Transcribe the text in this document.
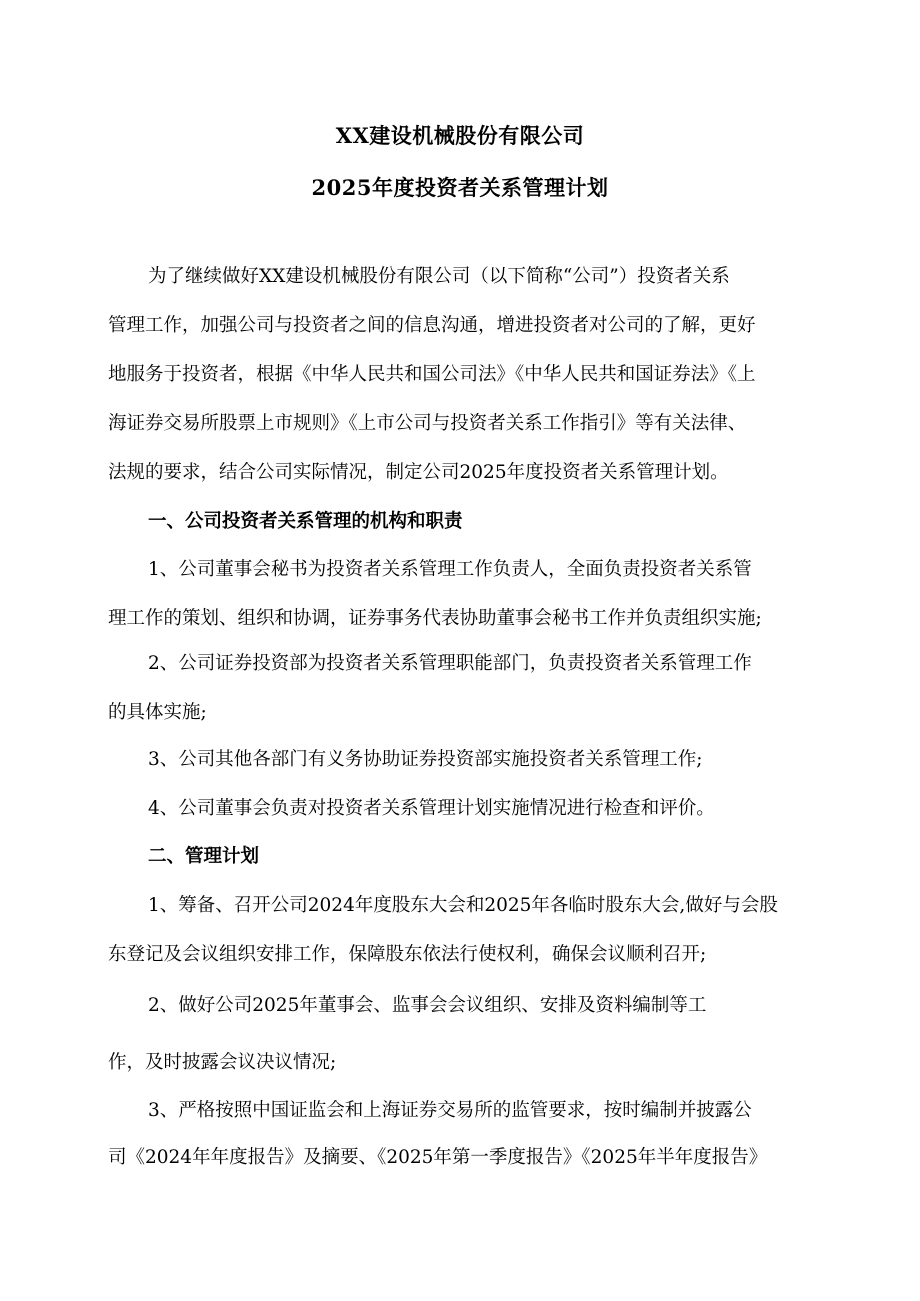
XX建设机械股份有限公司
2025年度投资者关系管理计划
为了继续做好XX建设机械股份有限公司（以下简称“公司”）投资者关系
管理工作，加强公司与投资者之间的信息沟通，增进投资者对公司的了解，更好
地服务于投资者，根据《中华人民共和国公司法》《中华人民共和国证券法》《上
海证券交易所股票上市规则》《上市公司与投资者关系工作指引》等有关法律、
法规的要求，结合公司实际情况，制定公司2025年度投资者关系管理计划。
一、公司投资者关系管理的机构和职责
1、公司董事会秘书为投资者关系管理工作负责人，全面负责投资者关系管
理工作的策划、组织和协调，证券事务代表协助董事会秘书工作并负责组织实施;
2、公司证券投资部为投资者关系管理职能部门，负责投资者关系管理工作
的具体实施;
3、公司其他各部门有义务协助证券投资部实施投资者关系管理工作;
4、公司董事会负责对投资者关系管理计划实施情况进行检查和评价。
二、管理计划
1、筹备、召开公司2024年度股东大会和2025年各临时股东大会,做好与会股
东登记及会议组织安排工作，保障股东依法行使权利，确保会议顺利召开;
2、做好公司2025年董事会、监事会会议组织、安排及资料编制等工
作，及时披露会议决议情况;
3、严格按照中国证监会和上海证券交易所的监管要求，按时编制并披露公
司《2024年年度报告》及摘要、《2025年第一季度报告》《2025年半年度报告》
